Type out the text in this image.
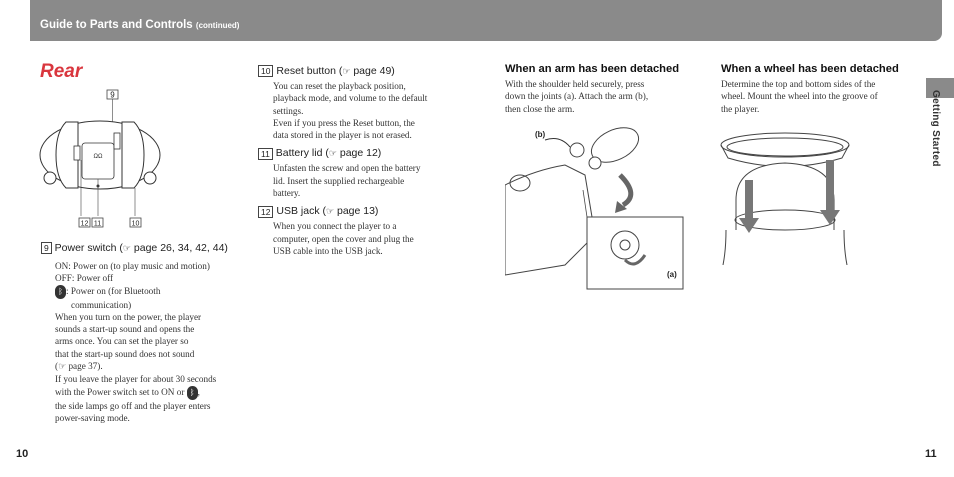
Guide to Parts and Controls (continued)
Getting Started
Rear
9
ΩΩ
12 11	10
9 Power switch (☞ page 26, 34, 42, 44)
ON: Power on (to play music and motion)
OFF: Power off
ᛒ : Power on (for Bluetooth
communication)
When you turn on the power, the player
sounds a start-up sound and opens the
arms once. You can set the player so
that the start-up sound does not sound
(☞ page 37).
If you leave the player for about 30 seconds
with the Power switch set to ON or ᛒ ,
the side lamps go off and the player enters
power-saving mode.
10 Reset button (☞ page 49)
You can reset the playback position,
playback mode, and volume to the default
settings.
Even if you press the Reset button, the
data stored in the player is not erased.
11 Battery lid (☞ page 12)
Unfasten the screw and open the battery
lid. Insert the supplied rechargeable
battery.
12 USB jack (☞ page 13)
When you connect the player to a
computer, open the cover and plug the
USB cable into the USB jack.
When an arm has been detached
With the shoulder held securely, press
down the joints (a). Attach the arm (b),
then close the arm.
(b)
(a)
When a wheel has been detached
Determine the top and bottom sides of the
wheel. Mount the wheel into the groove of
the player.
10	11
